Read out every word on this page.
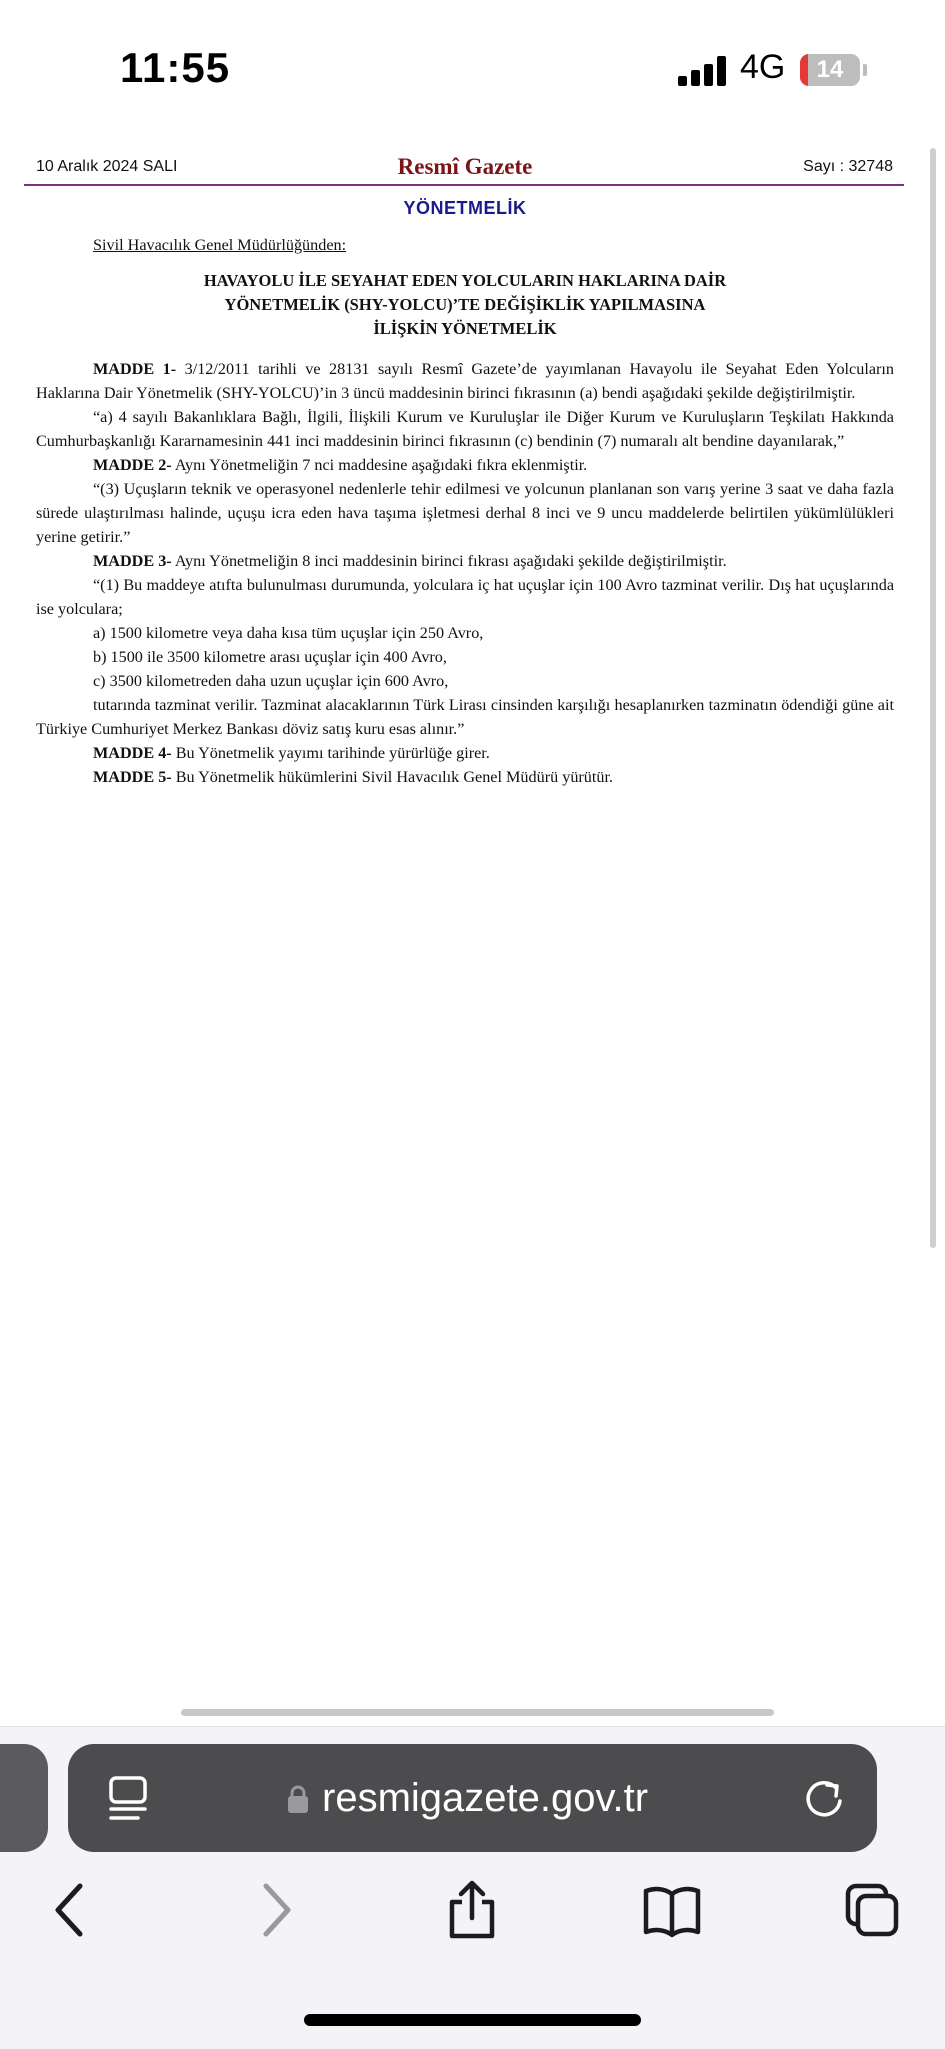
11:55	4G	14
10 Aralık 2024 SALI	Resmî Gazete	Sayı : 32748
YÖNETMELİK

Sivil Havacılık Genel Müdürlüğünden:

HAVAYOLU İLE SEYAHAT EDEN YOLCULARIN HAKLARINA DAİR
YÖNETMELİK (SHY-YOLCU)’TE DEĞİŞİKLİK YAPILMASINA
İLİŞKİN YÖNETMELİK

MADDE 1- 3/12/2011 tarihli ve 28131 sayılı Resmî Gazete’de yayımlanan Havayolu ile Seyahat Eden Yolcuların Haklarına Dair Yönetmelik (SHY-YOLCU)’in 3 üncü maddesinin birinci fıkrasının (a) bendi aşağıdaki şekilde değiştirilmiştir.

“a) 4 sayılı Bakanlıklara Bağlı, İlgili, İlişkili Kurum ve Kuruluşlar ile Diğer Kurum ve Kuruluşların Teşkilatı Hakkında Cumhurbaşkanlığı Kararnamesinin 441 inci maddesinin birinci fıkrasının (c) bendinin (7) numaralı alt bendine dayanılarak,”

MADDE 2- Aynı Yönetmeliğin 7 nci maddesine aşağıdaki fıkra eklenmiştir.

“(3) Uçuşların teknik ve operasyonel nedenlerle tehir edilmesi ve yolcunun planlanan son varış yerine 3 saat ve daha fazla sürede ulaştırılması halinde, uçuşu icra eden hava taşıma işletmesi derhal 8 inci ve 9 uncu maddelerde belirtilen yükümlülükleri yerine getirir.”

MADDE 3- Aynı Yönetmeliğin 8 inci maddesinin birinci fıkrası aşağıdaki şekilde değiştirilmiştir.

“(1) Bu maddeye atıfta bulunulması durumunda, yolculara iç hat uçuşlar için 100 Avro tazminat verilir. Dış hat uçuşlarında ise yolculara;

a) 1500 kilometre veya daha kısa tüm uçuşlar için 250 Avro,

b) 1500 ile 3500 kilometre arası uçuşlar için 400 Avro,

c) 3500 kilometreden daha uzun uçuşlar için 600 Avro,

tutarında tazminat verilir. Tazminat alacaklarının Türk Lirası cinsinden karşılığı hesaplanırken tazminatın ödendiği güne ait Türkiye Cumhuriyet Merkez Bankası döviz satış kuru esas alınır.”

MADDE 4- Bu Yönetmelik yayımı tarihinde yürürlüğe girer.

MADDE 5- Bu Yönetmelik hükümlerini Sivil Havacılık Genel Müdürü yürütür.

resmigazete.gov.tr
